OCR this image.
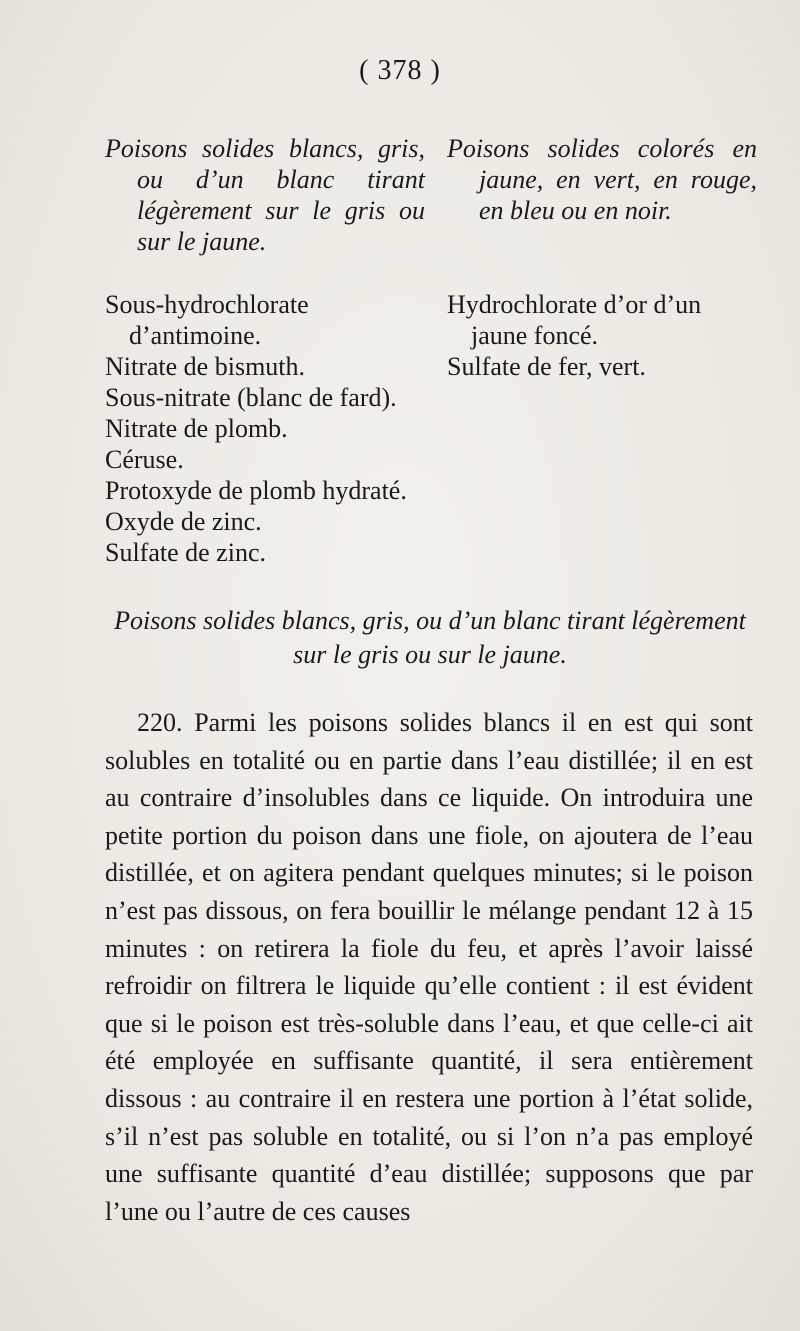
( 378 )

Poisons solides blancs, gris, ou d’un blanc tirant légèrement sur le gris ou sur le jaune.

Sous-hydrochlorate d’antimoine.
Nitrate de bismuth.
Sous-nitrate (blanc de fard).
Nitrate de plomb.
Céruse.
Protoxyde de plomb hydraté.
Oxyde de zinc.
Sulfate de zinc.

Poisons solides colorés en jaune, en vert, en rouge, en bleu ou en noir.

Hydrochlorate d’or d’un jaune foncé.
Sulfate de fer, vert.
Poisons solides blancs, gris, ou d’un blanc tirant légèrement sur le gris ou sur le jaune.

220. Parmi les poisons solides blancs il en est qui sont solubles en totalité ou en partie dans l’eau distillée; il en est au contraire d’insolubles dans ce liquide. On introduira une petite portion du poison dans une fiole, on ajoutera de l’eau distillée, et on agitera pendant quelques minutes; si le poison n’est pas dissous, on fera bouillir le mélange pendant 12 à 15 minutes : on retirera la fiole du feu, et après l’avoir laissé refroidir on filtrera le liquide qu’elle contient : il est évident que si le poison est très-soluble dans l’eau, et que celle-ci ait été employée en suffisante quantité, il sera entièrement dissous : au contraire il en restera une portion à l’état solide, s’il n’est pas soluble en totalité, ou si l’on n’a pas employé une suffisante quantité d’eau distillée; supposons que par l’une ou l’autre de ces causes
